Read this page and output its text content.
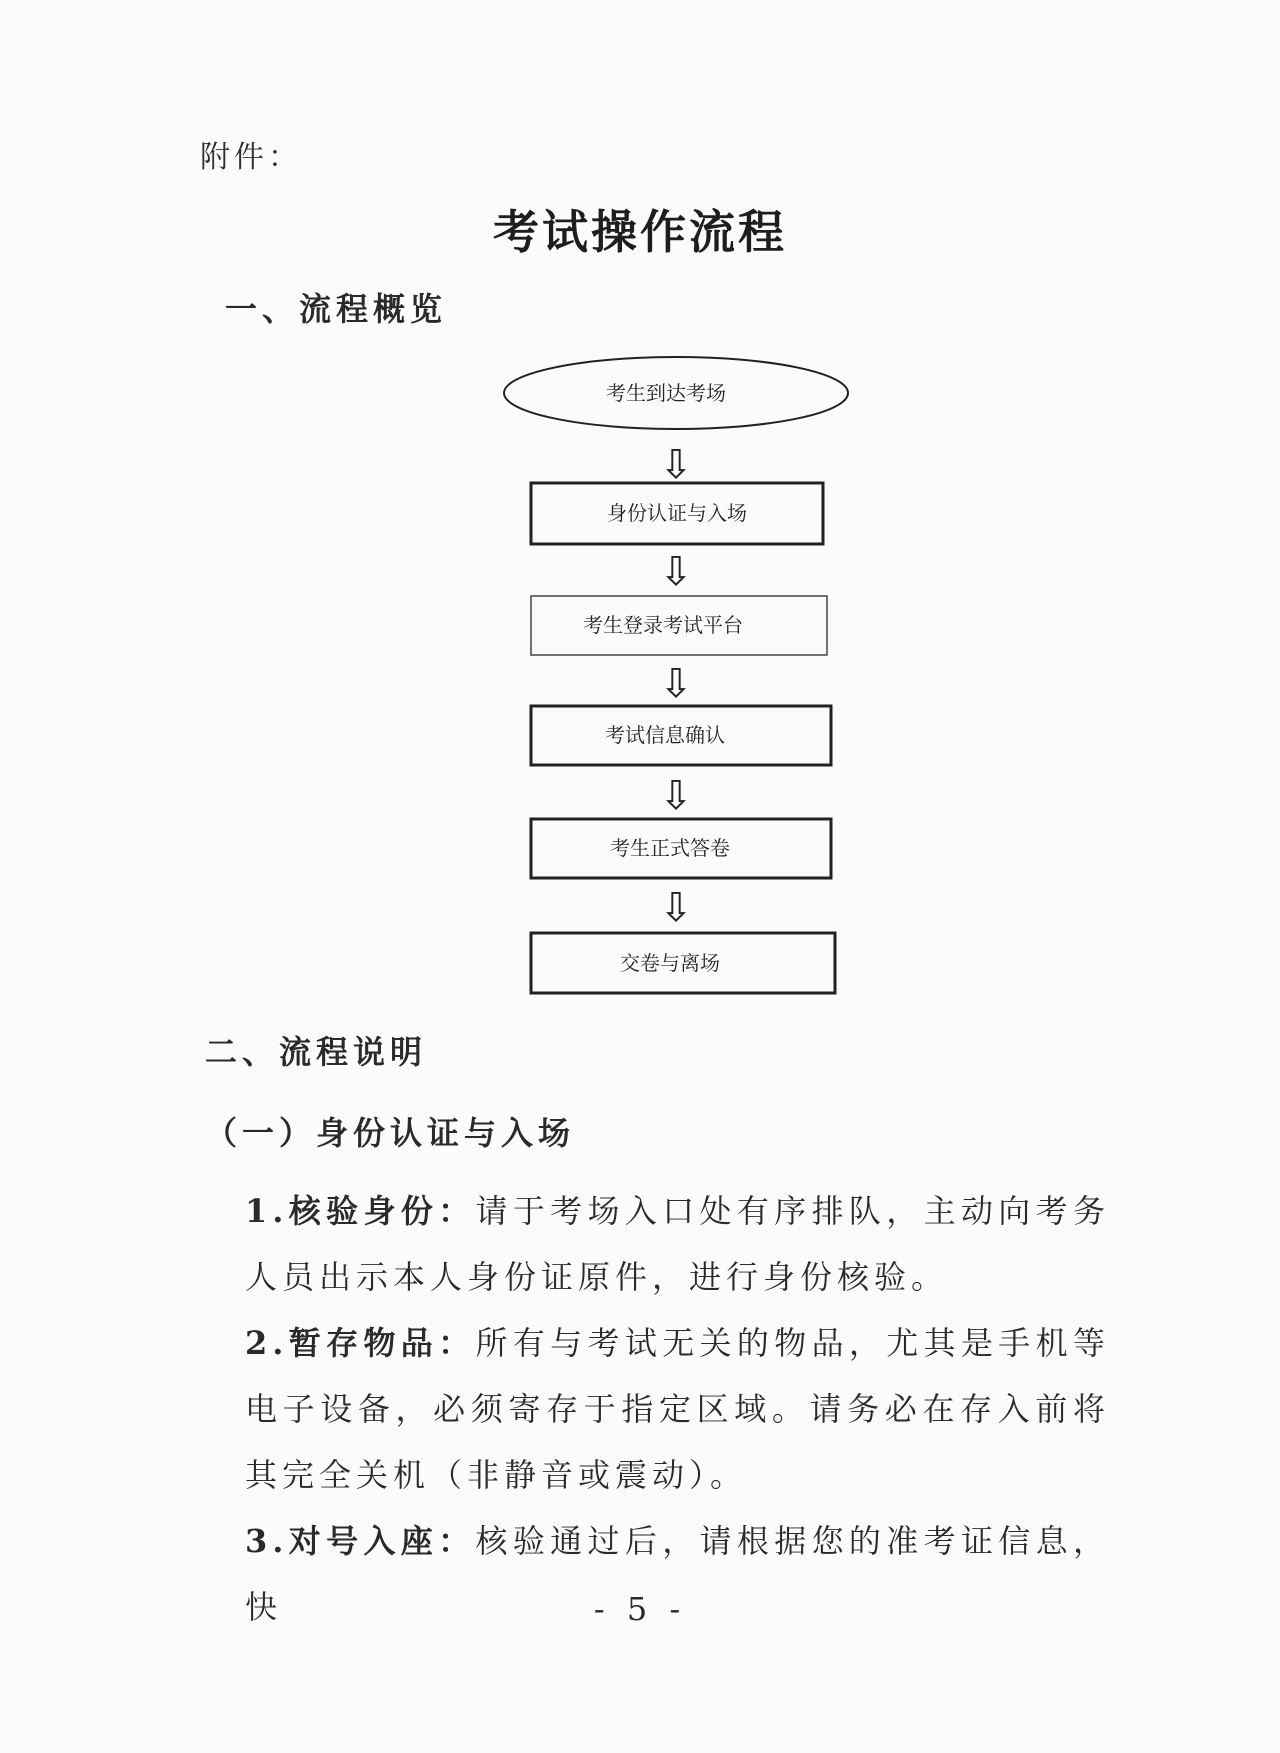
附件：
考试操作流程
一、流程概览
考生到达考场
⇩
⇩
⇩
⇩
⇩
身份认证与入场
考生登录考试平台
考试信息确认
考生正式答卷
交卷与离场
二、流程说明
（一）身份认证与入场
1.核验身份：请于考场入口处有序排队，主动向考务人员出示本人身份证原件，进行身份核验。
2.暂存物品：所有与考试无关的物品，尤其是手机等电子设备，必须寄存于指定区域。请务必在存入前将其完全关机（非静音或震动）。
3.对号入座：核验通过后，请根据您的准考证信息，快	- 5 -
